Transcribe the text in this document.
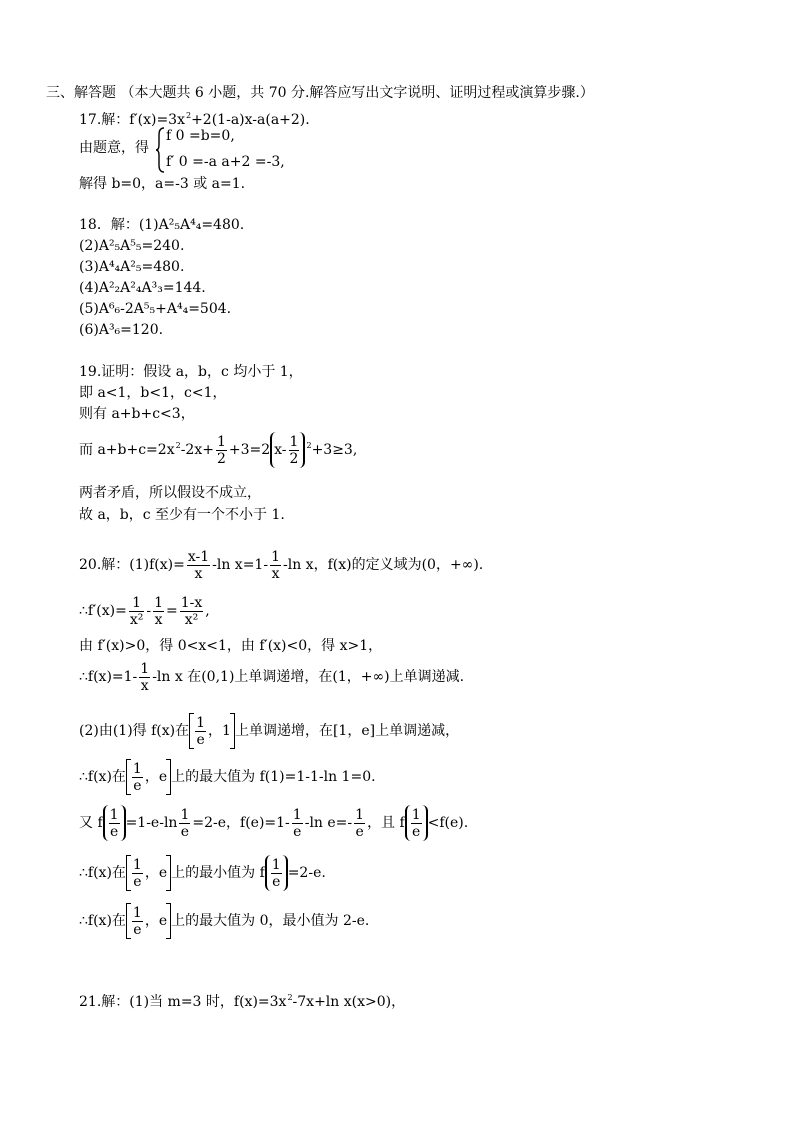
三、解答题 （本大题共 6 小题，共 70 分.解答应写出文字说明、证明过程或演算步骤.）
17.解：$f'(x)=3x^2+2(1-a)x-a(a+2)$.
由题意，得
f 0 =b=0,
f′ 0 =-a a+2 =-3,
解得 b=0，a=-3 或 a=1.
18．解：(1)A²₅A⁴₄=480.
(2)A²₅A⁵₅=240.
(3)A⁴₄A²₅=480.
(4)A²₂A²₄A³₃=144.
(5)A⁶₆-2A⁵₅+A⁴₄=504.
(6)A³₆=120.
19.证明：假设 a，b，c 均小于 1，
即 a<1，b<1，c<1，
则有 a+b+c<3，
而 $a+b+c=2x^2-2x+ \frac{1}{2} +3=2$ $x- \frac{1}{2} ^2+3\ge 3$,
两者矛盾，所以假设不成立，
故 a，b，c 至少有一个不小于 1.
20.解：$(1)f(x)= \frac{x-1}{x} -\ln$ $x=1- \frac{1}{x} -\ln$ x，f(x)的定义域为(0，+∞).
∴f′(x)= $\frac{1}{\text{x²}} - \frac{1}{x} = \frac{1-x}{\text{x²}}$ ,
由 f′(x)>0，得 0<x<1，由 f′(x)<0，得 x>1，
∴f(x)=1- $\frac{1}{x} -\ln$ x 在(0,1)上单调递增，在(1，+∞)上单调递减.
(2)由(1)得 f(x)在 $\frac{1}{e}$ ，1 上单调递增，在[1，e]上单调递减，
∴f(x)在 $\frac{1}{e}$ ，e 上的最大值为 f(1)=1-1-ln 1=0.
又 f $\frac{1}{e} =1-e-\ln \frac{1}{e} =2-e$，$f(e)=1- \frac{1}{e} -\ln$ $e=- \frac{1}{e}$ ，且 f $\frac{1}{e} <f(e)$.
∴f(x)在 $\frac{1}{e}$ ，e 上的最小值为 f $\frac{1}{e} =2-e$.
∴f(x)在 $\frac{1}{e}$ ，e 上的最大值为 0，最小值为 2-e.
21.解：(1)当 m=3 时，$f(x)=3x^2-7x+\ln$ x(x>0)，
